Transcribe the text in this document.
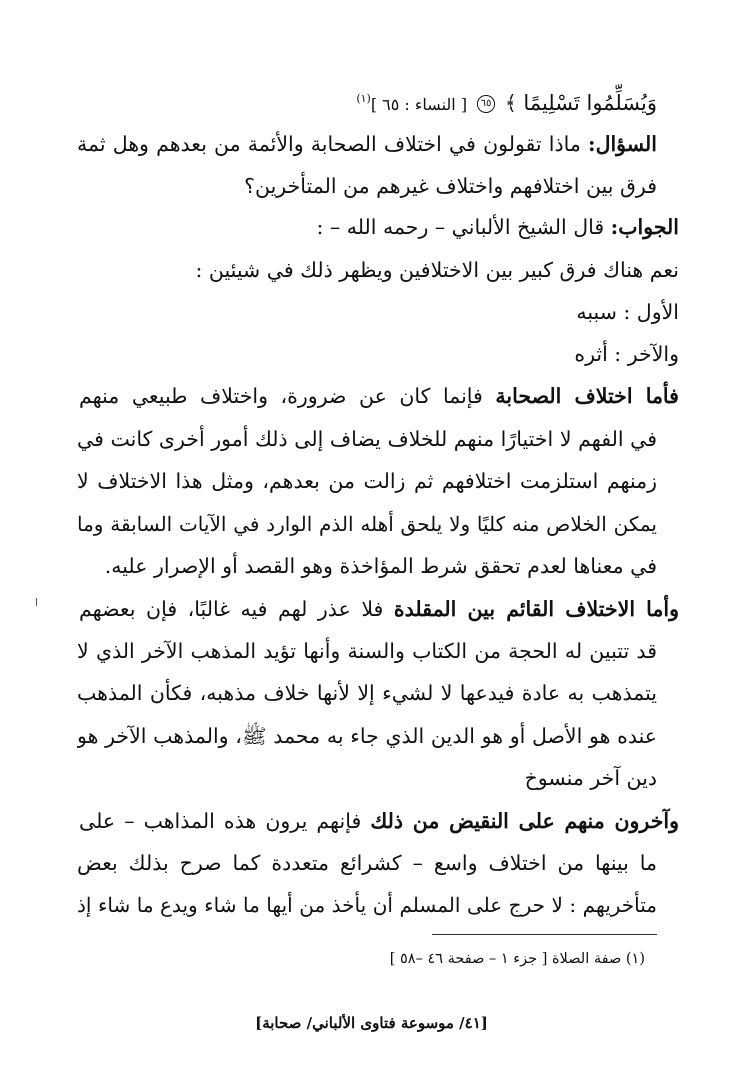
وَيُسَلِّمُوا تَسْلِيمًا ﴾ ٦٥ [ النساء : ٦٥ ]$^{(١)}$
السؤال: ماذا تقولون في اختلاف الصحابة والأئمة من بعدهم وهل ثمة
فرق بين اختلافهم واختلاف غيرهم من المتأخرين؟
الجواب: قال الشيخ الألباني – رحمه الله – :
نعم هناك فرق كبير بين الاختلافين ويظهر ذلك في شيئين :
الأول : سببه
والآخر : أثره
فأما اختلاف الصحابة فإنما كان عن ضرورة، واختلاف طبيعي منهم
في الفهم لا اختيارًا منهم للخلاف يضاف إلى ذلك أمور أخرى كانت في
زمنهم استلزمت اختلافهم ثم زالت من بعدهم، ومثل هذا الاختلاف لا
يمكن الخلاص منه كليًا ولا يلحق أهله الذم الوارد في الآيات السابقة وما
في معناها لعدم تحقق شرط المؤاخذة وهو القصد أو الإصرار عليه.
وأما الاختلاف القائم بين المقلدة فلا عذر لهم فيه غالبًا، فإن بعضهم
قد تتبين له الحجة من الكتاب والسنة وأنها تؤيد المذهب الآخر الذي لا
يتمذهب به عادة فيدعها لا لشيء إلا لأنها خلاف مذهبه، فكأن المذهب
عنده هو الأصل أو هو الدين الذي جاء به محمد ﷺ، والمذهب الآخر هو
دين آخر منسوخ
وآخرون منهم على النقيض من ذلك فإنهم يرون هذه المذاهب – على
ما بينها من اختلاف واسع – كشرائع متعددة كما صرح بذلك بعض
متأخريهم : لا حرج على المسلم أن يأخذ من أيها ما شاء ويدع ما شاء إذ
(١) صفة الصلاة [ جزء ١ – صفحة ٤٦ –٥٨ ]
[٤١/ موسوعة فتاوى الألباني/ صحابة]
